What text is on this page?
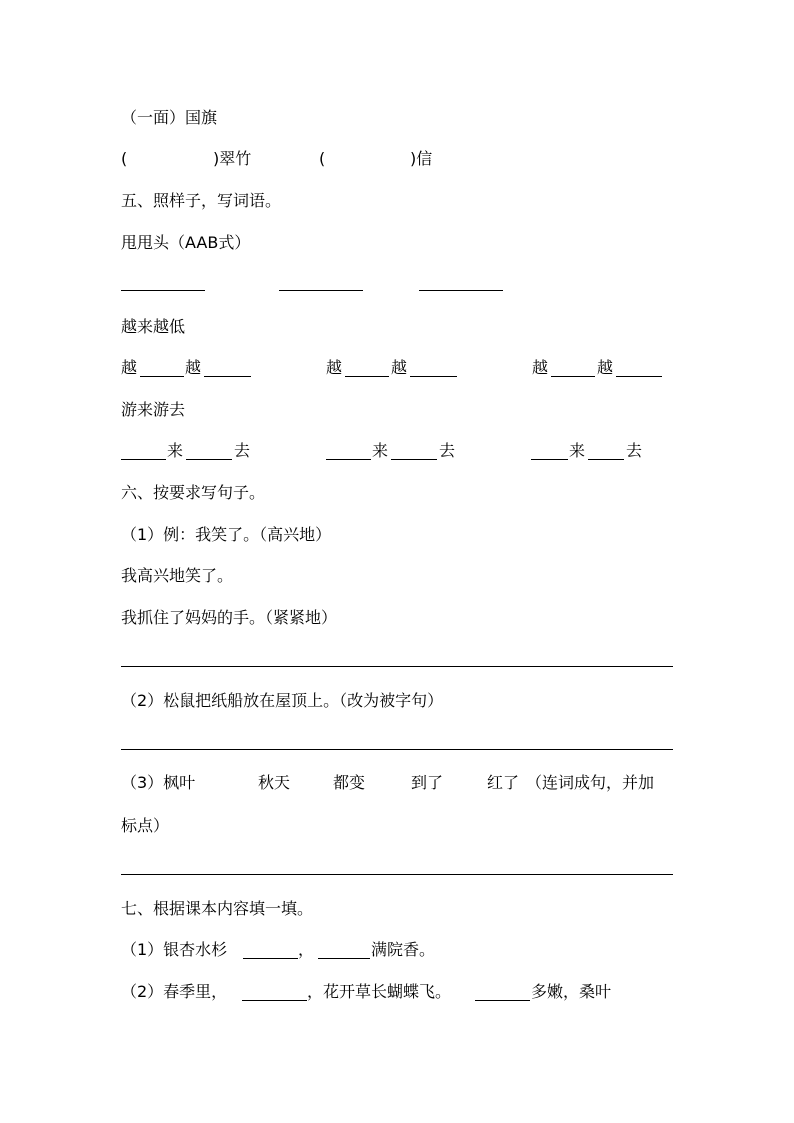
（一面）国旗
(	)翠竹	(	)信
五、照样子，写词语。
甩甩头（AAB式）
越来越低
越	越	越	越	越	越
游来游去
来	去	来	去	来	去
六、按要求写句子。
（1）例：我笑了。（高兴地）
我高兴地笑了。
我抓住了妈妈的手。（紧紧地）
（2）松鼠把纸船放在屋顶上。（改为被字句）
（3）枫叶	秋天	都变	到了	红了 （连词成句，并加
标点）
七、根据课本内容填一填。
（1）银杏水杉	，	满院香。
（2）春季里，	，花开草长蝴蝶飞。	多嫩，桑叶
